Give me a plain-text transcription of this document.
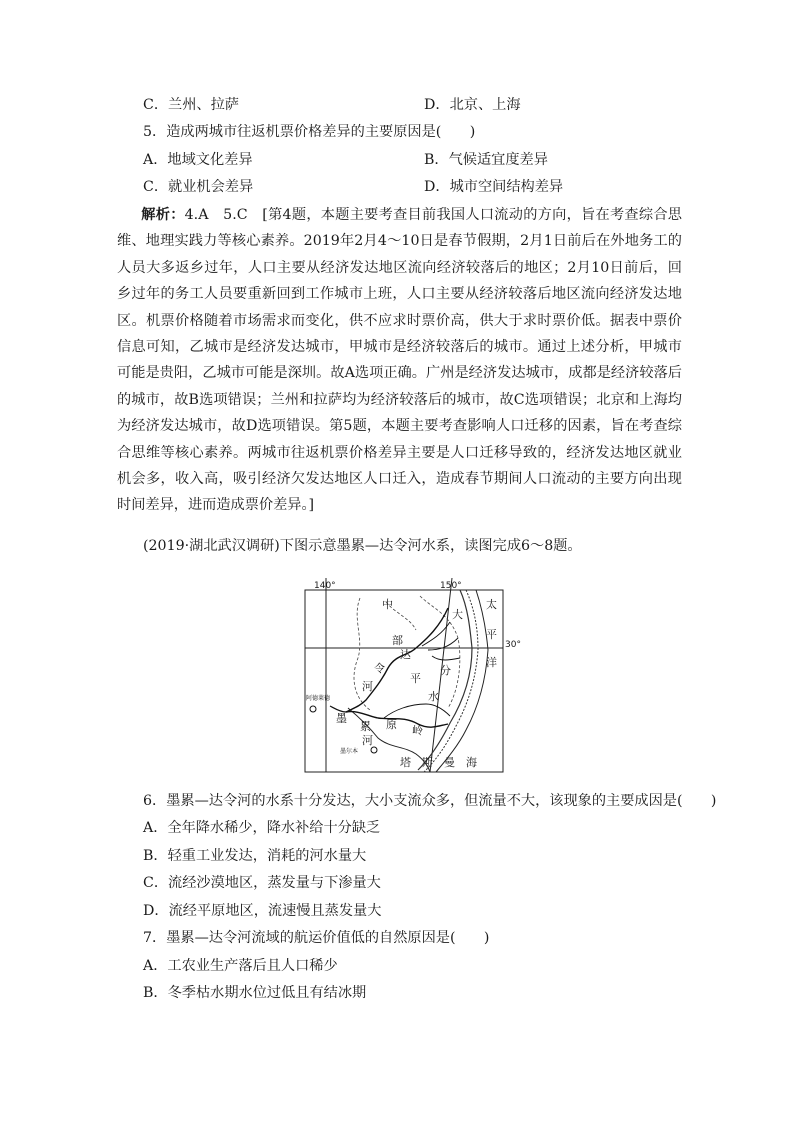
C．兰州、拉萨	D．北京、上海
5．造成两城市往返机票价格差异的主要原因是(　　)
A．地域文化差异	B．气候适宜度差异
C．就业机会差异	D．城市空间结构差异
解析：4.A　5.C　[第4题，本题主要考查目前我国人口流动的方向，旨在考查综合思维、地理实践力等核心素养。2019年2月4～10日是春节假期，2月1日前后在外地务工的人员大多返乡过年，人口主要从经济发达地区流向经济较落后的地区；2月10日前后，回乡过年的务工人员要重新回到工作城市上班，人口主要从经济较落后地区流向经济发达地区。机票价格随着市场需求而变化，供不应求时票价高，供大于求时票价低。据表中票价信息可知，乙城市是经济发达城市，甲城市是经济较落后的城市。通过上述分析，甲城市可能是贵阳，乙城市可能是深圳。故A选项正确。广州是经济发达城市，成都是经济较落后的城市，故B选项错误；兰州和拉萨均为经济较落后的城市，故C选项错误；北京和上海均为经济发达城市，故D选项错误。第5题，本题主要考查影响人口迁移的因素，旨在考查综合思维等核心素养。两城市往返机票价格差异主要是人口迁移导致的，经济发达地区就业机会多，收入高，吸引经济欠发达地区人口迁入，造成春节期间人口流动的主要方向出现时间差异，进而造成票价差异。]
(2019·湖北武汉调研)下图示意墨累—达令河水系，读图完成6～8题。
140°	150°
30°
阿德莱德
墨尔本
中
部
达
令
河
平
水
分
大
太
平
洋
墨
累 原 岭
河
塔　斯　曼　海
6．墨累—达令河的水系十分发达，大小支流众多，但流量不大，该现象的主要成因是(　　)
A．全年降水稀少，降水补给十分缺乏
B．轻重工业发达，消耗的河水量大
C．流经沙漠地区，蒸发量与下渗量大
D．流经平原地区，流速慢且蒸发量大
7．墨累—达令河流域的航运价值低的自然原因是(　　)
A．工农业生产落后且人口稀少
B．冬季枯水期水位过低且有结冰期
